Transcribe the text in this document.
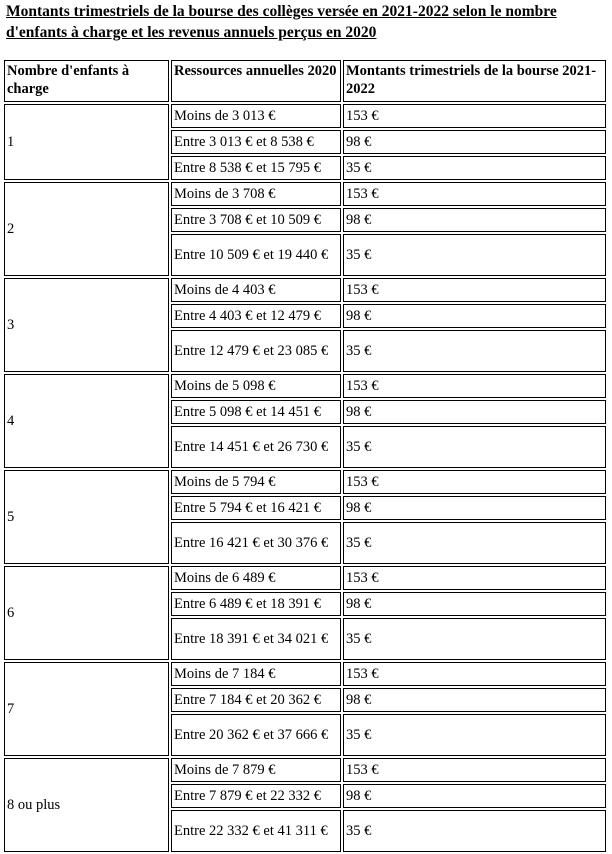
Montants trimestriels de la bourse des collèges versée en 2021-2022 selon le nombre d'enfants à charge et les revenus annuels perçus en 2020
Nombre d'enfants à charge	Ressources annuelles 2020	Montants trimestriels de la bourse 2021-2022
1	Moins de 3 013 €	153 €
	Entre 3 013 € et 8 538 €	98 €
	Entre 8 538 € et 15 795 €	35 €
2	Moins de 3 708 €	153 €
	Entre 3 708 € et 10 509 €	98 €
	Entre 10 509 € et 19 440 €	35 €
3	Moins de 4 403 €	153 €
	Entre 4 403 € et 12 479 €	98 €
	Entre 12 479 € et 23 085 €	35 €
4	Moins de 5 098 €	153 €
	Entre 5 098 € et 14 451 €	98 €
	Entre 14 451 € et 26 730 €	35 €
5	Moins de 5 794 €	153 €
	Entre 5 794 € et 16 421 €	98 €
	Entre 16 421 € et 30 376 €	35 €
6	Moins de 6 489 €	153 €
	Entre 6 489 € et 18 391 €	98 €
	Entre 18 391 € et 34 021 €	35 €
7	Moins de 7 184 €	153 €
	Entre 7 184 € et 20 362 €	98 €
	Entre 20 362 € et 37 666 €	35 €
8 ou plus	Moins de 7 879 €	153 €
	Entre 7 879 € et 22 332 €	98 €
	Entre 22 332 € et 41 311 €	35 €
